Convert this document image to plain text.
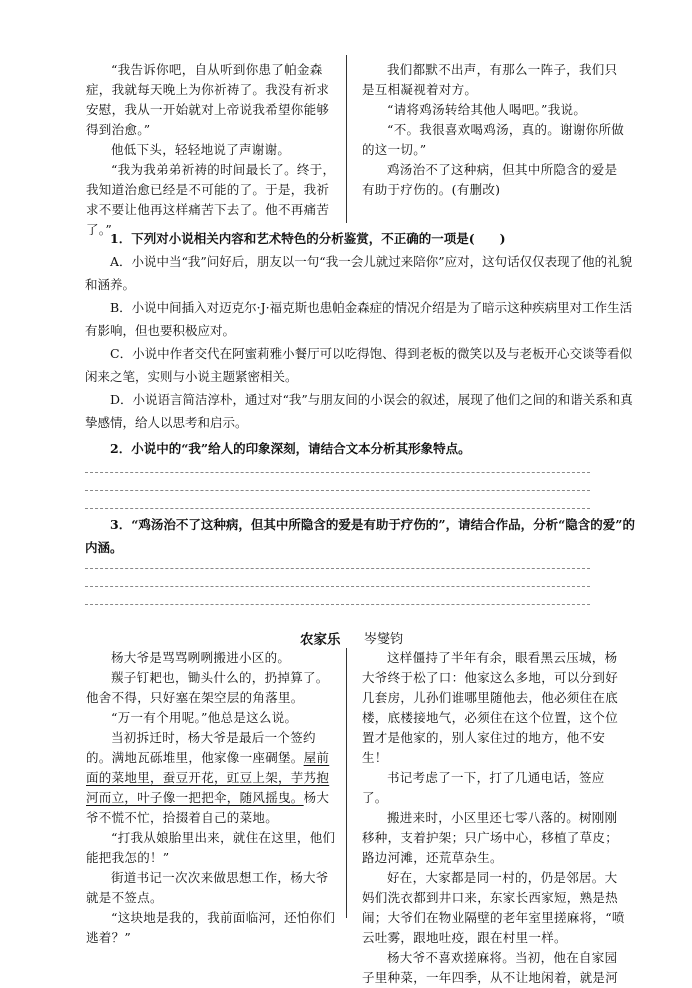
“我告诉你吧，自从听到你患了帕金森症，我就每天晚上为你祈祷了。我没有祈求安慰，我从一开始就对上帝说我希望你能够得到治愈。”

他低下头，轻轻地说了声谢谢。

“我为我弟弟祈祷的时间最长了。终于，我知道治愈已经是不可能的了。于是，我祈求不要让他再这样痛苦下去了。他不再痛苦了。”

我们都默不出声，有那么一阵子，我们只是互相凝视着对方。

“请将鸡汤转给其他人喝吧。”我说。

“不。我很喜欢喝鸡汤，真的。谢谢你所做的这一切。”

鸡汤治不了这种病，但其中所隐含的爱是有助于疗伤的。(有删改)

1．下列对小说相关内容和艺术特色的分析鉴赏，不正确的一项是(　　)

A．小说中当“我”问好后，朋友以一句“我一会儿就过来陪你”应对，这句话仅仅表现了他的礼貌和涵养。

B．小说中间插入对迈克尔·J·福克斯也患帕金森症的情况介绍是为了暗示这种疾病里对工作生活有影响，但也要积极应对。

C．小说中作者交代在阿蜜莉雅小餐厅可以吃得饱、得到老板的微笑以及与老板开心交谈等看似闲来之笔，实则与小说主题紧密相关。

D．小说语言简洁淳朴，通过对“我”与朋友间的小误会的叙述，展现了他们之间的和谐关系和真挚感情，给人以思考和启示。

2．小说中的“我”给人的印象深刻，请结合文本分析其形象特点。

3．“鸡汤治不了这种病，但其中所隐含的爱是有助于疗伤的”，请结合作品，分析“隐含的爱”的内涵。

农家乐 岑燮钧

杨大爷是骂骂咧咧搬进小区的。

羰子钉耙也，锄头什么的，扔掉算了。他舍不得，只好塞在架空层的角落里。

“万一有个用呢。”他总是这么说。

当初拆迁时，杨大爷是最后一个签约的。满地瓦砾堆里，他家像一座碉堡。屋前面的菜地里，蚕豆开花，豇豆上架，芋艿抱河而立，叶子像一把把伞，随风摇曳。杨大爷不慌不忙，拾掇着自己的菜地。

“打我从娘胎里出来，就住在这里，他们能把我怎的！”

街道书记一次次来做思想工作，杨大爷就是不签点。

“这块地是我的，我前面临河，还怕你们逃着？”

这样僵持了半年有余，眼看黑云压城，杨大爷终于松了口：他家这么多地，可以分到好几套房，儿孙们谁哪里随他去，他必须住在底楼，底楼接地气，必须住在这个位置，这个位置才是他家的，别人家住过的地方，他不安生！

书记考虑了一下，打了几通电话，签应了。

搬进来时，小区里还七零八落的。树刚刚移种，支着护架；只广场中心，移植了草皮；路边河滩，还荒草杂生。

好在，大家都是同一村的，仍是邻居。大妈们洗衣都到井口来，东家长西家短，熟是热闹；大爷们在物业隔壁的老年室里搓麻将，“喷云吐雾，跟地吐疫，跟在村里一样。

杨大爷不喜欢搓麻将。当初，他在自家园子里种菜，一年四季，从不让地闲着，就是河
